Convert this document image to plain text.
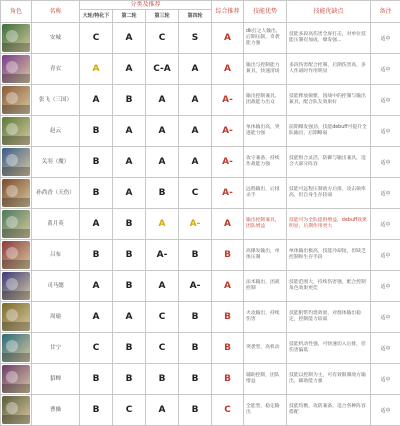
角色	名称	分类及推荐				综合推荐	技能优势	技能优缺点	备注
		大轮/特化下	第二轮	第三轮	第四轮				

	安城	C	A	C	S	A	dk打之人输出，后期压制，奇袭能力强	技能多段高伤害全屏打击，对单位技能压制有加成，爆发强...	适中

	青衣	A	A	C-A	A	A	输出与控制能力兼具，快速清场	多段伤害配合控制，后期伤害高，多人作战时作用明显	适中

	张飞（三国）	A	B	A	A	A-	输出控制兼具，团战能力出众	技能释放频繁，团战中的控制与输出兼具，配合队友效果好	适中

	赵云	B	A	A	A	A-	单体输出高，突进能力强	前期爆发强劲，技能debuff可提升全队输出，后期略弱	适中

	关羽（魔）	B	A	A	A	A-	攻守兼备，持续作战能力强	技能组合灵活，防御与输出兼具，适合大部分阵容	适中

	孙尚香（天伤）	B	A	B	C	A-	远程输出，后排杀手	技能可远程压制敌方后排，攻击频率高，但自身生存较弱	适中

	黄月英	A	B	A	A-	A	输出控制兼具，团队增益	技能可为全队提供增益，debuff效果明显，后期作用更大	适中

	吕布	B	B	A-	B	B	高爆发输出，单体压制	单体输出极高，技能冷却短，但缺乏控制和生存手段	适中

	司马懿	A	B	A	A-	A	法术输出，团战控制	技能范围大，持续伤害强，配合控制角色效果更佳	适中

	周瑜	A	A	C	B	B	火攻输出，持续伤害	技能附带灼烧效果，对群体输出稳定，控制能力较弱	适中

	甘宁	C	B	C	B	B	突袭型，高机动	技能机动性强，可快速切入后排，但伤害偏低	适中

	貂蝉	B	B	B	B	B	辅助控制，团队增益	技能以控制为主，可有效限制敌方输出，辅助能力强	适中

	曹操	B	C	A	B	C	全能型，稳定输出	技能均衡，攻防兼备，适合各种阵容搭配	适中
